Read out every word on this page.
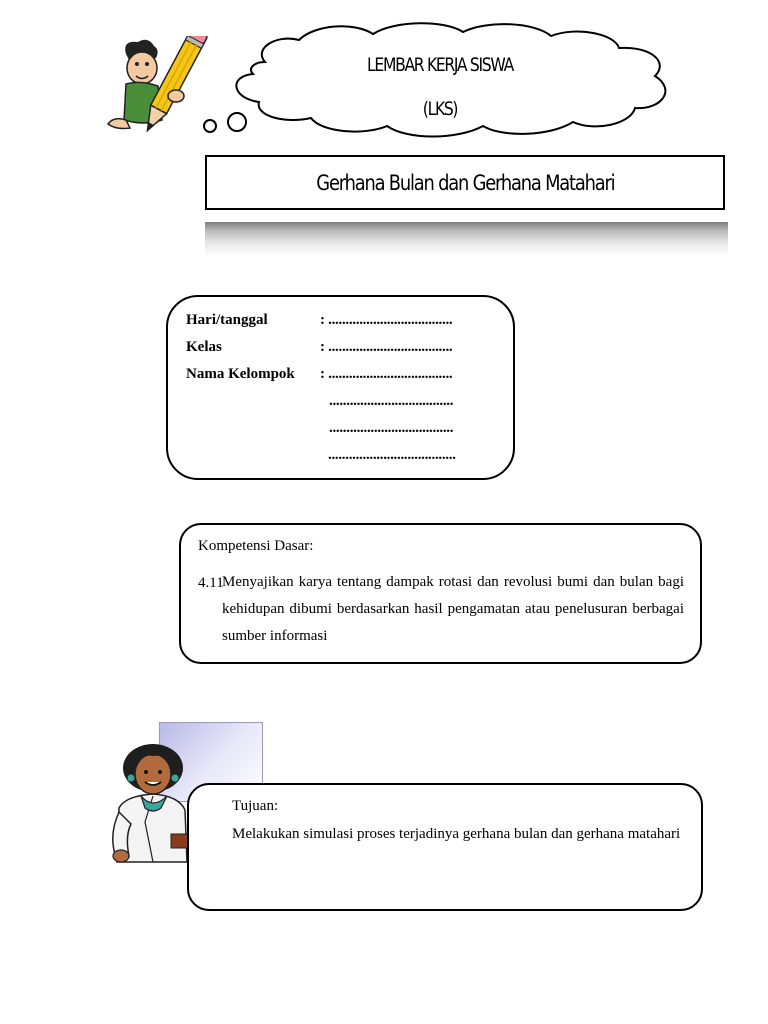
LEMBAR KERJA SISWA
(LKS)
Gerhana Bulan dan Gerhana Matahari
Hari/tanggal	: ....................................
Kelas	: ....................................
Nama Kelompok : ....................................
....................................
....................................
.....................................
Kompetensi Dasar:
4.11
Menyajikan karya tentang dampak rotasi dan revolusi bumi dan bulan bagi kehidupan dibumi berdasarkan hasil pengamatan atau penelusuran berbagai sumber informasi
Tujuan:
Melakukan simulasi proses terjadinya gerhana bulan dan gerhana matahari
